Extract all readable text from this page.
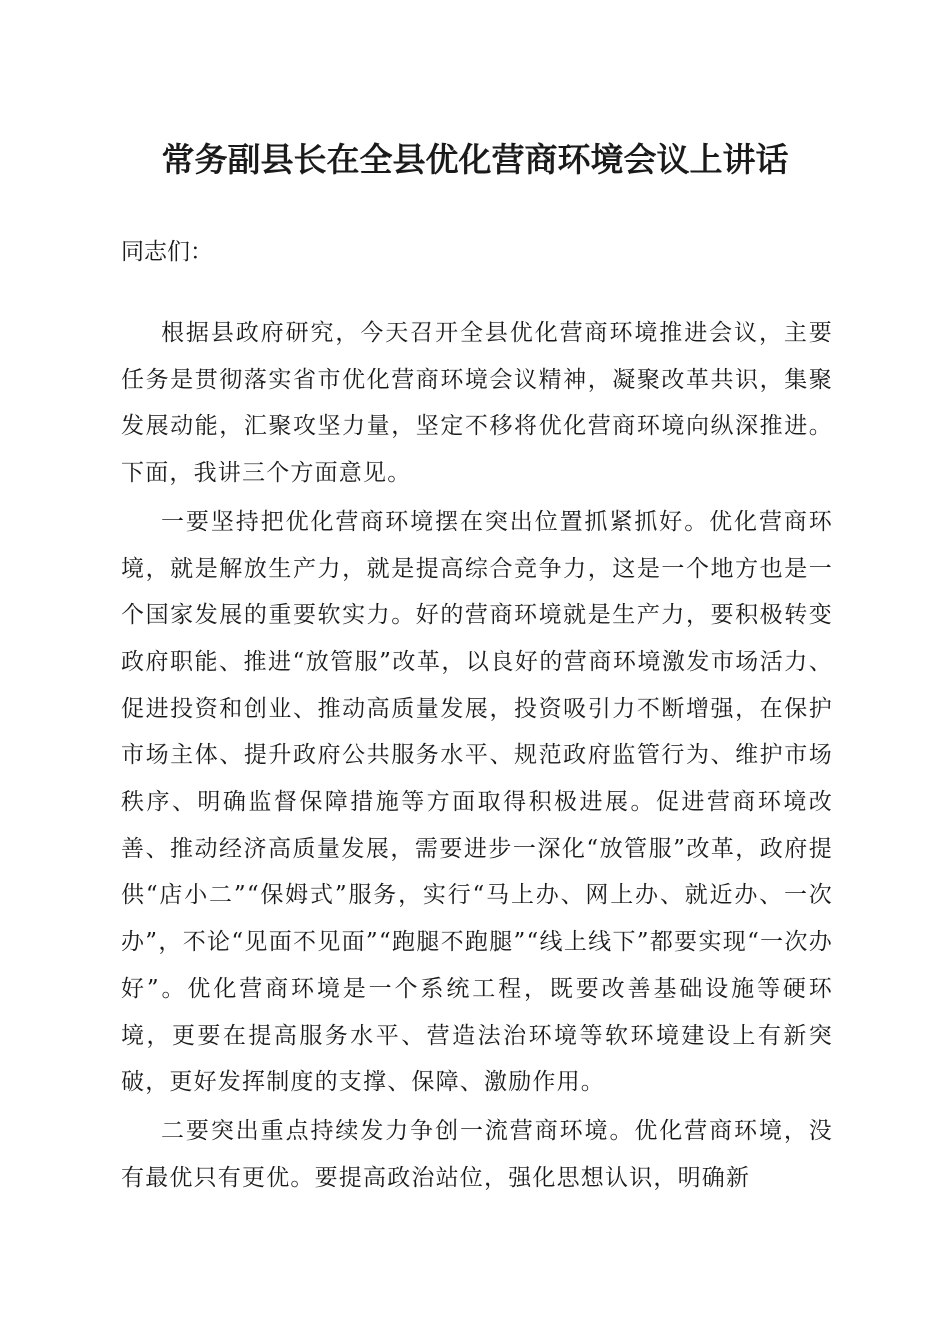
常务副县长在全县优化营商环境会议上讲话

同志们：

根据县政府研究，今天召开全县优化营商环境推进会议，主要任务是贯彻落实省市优化营商环境会议精神，凝聚改革共识，集聚发展动能，汇聚攻坚力量，坚定不移将优化营商环境向纵深推进。下面，我讲三个方面意见。

一要坚持把优化营商环境摆在突出位置抓紧抓好。优化营商环境，就是解放生产力，就是提高综合竞争力，这是一个地方也是一个国家发展的重要软实力。好的营商环境就是生产力，要积极转变政府职能、推进“放管服”改革，以良好的营商环境激发市场活力、促进投资和创业、推动高质量发展，投资吸引力不断增强，在保护市场主体、提升政府公共服务水平、规范政府监管行为、维护市场秩序、明确监督保障措施等方面取得积极进展。促进营商环境改善、推动经济高质量发展，需要进步一深化“放管服”改革，政府提供“店小二”“保姆式”服务，实行“马上办、网上办、就近办、一次办”，不论“见面不见面”“跑腿不跑腿”“线上线下”都要实现“一次办好”。优化营商环境是一个系统工程，既要改善基础设施等硬环境，更要在提高服务水平、营造法治环境等软环境建设上有新突破，更好发挥制度的支撑、保障、激励作用。

二要突出重点持续发力争创一流营商环境。优化营商环境，没有最优只有更优。要提高政治站位，强化思想认识，明确新
